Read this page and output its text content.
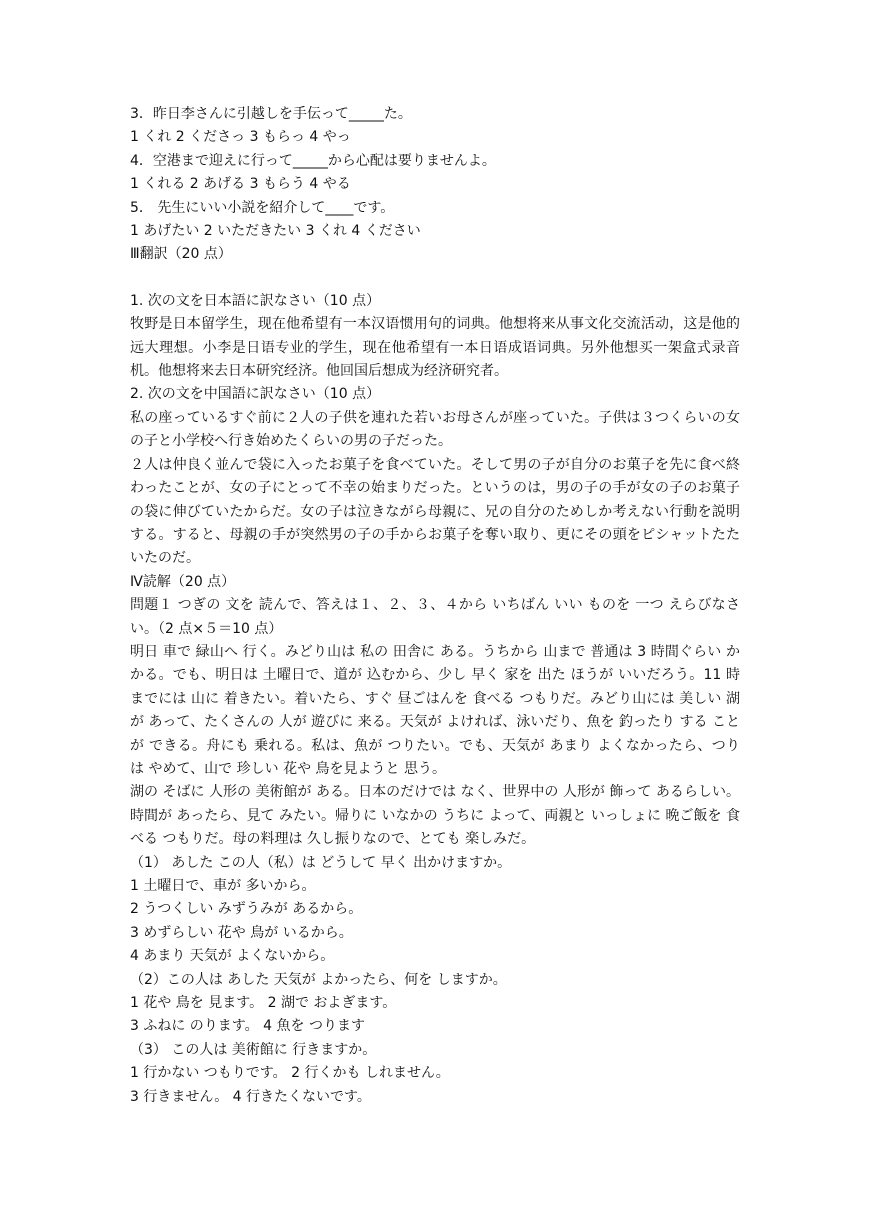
3．昨日李さんに引越しを手伝って_____た。

1 くれ 2 くださっ 3 もらっ 4 やっ

4．空港まで迎えに行って_____から心配は要りませんよ。

1 くれる 2 あげる 3 もらう 4 やる

5． 先生にいい小説を紹介して____です。

1 あげたい 2 いただきたい 3 くれ 4 ください

Ⅲ翻訳（20 点）

1. 次の文を日本語に訳なさい（10 点）

牧野是日本留学生，现在他希望有一本汉语惯用句的词典。他想将来从事文化交流活动，这是他的远大理想。小李是日语专业的学生，现在他希望有一本日语成语词典。另外他想买一架盒式录音机。他想将来去日本研究经济。他回国后想成为经济研究者。

2. 次の文を中国語に訳なさい（10 点）

私の座っているすぐ前に２人の子供を連れた若いお母さんが座っていた。子供は３つくらいの女の子と小学校へ行き始めたくらいの男の子だった。

２人は仲良く並んで袋に入ったお菓子を食べていた。そして男の子が自分のお菓子を先に食べ終わったことが、女の子にとって不幸の始まりだった。というのは，男の子の手が女の子のお菓子の袋に伸びていたからだ。女の子は泣きながら母親に、兄の自分のためしか考えない行動を説明する。すると、母親の手が突然男の子の手からお菓子を奪い取り、更にその頭をピシャットたたいたのだ。

Ⅳ読解（20 点）

問題１ つぎの 文を 読んで、答えは１、２、３、４から いちばん いい ものを 一つ えらびなさい。（2 点×５＝10 点）

明日 車で 緑山へ 行く。みどり山は 私の 田舎に ある。うちから 山まで 普通は 3 時間ぐらい かかる。でも、明日は 土曜日で、道が 込むから、少し 早く 家を 出た ほうが いいだろう。11 時までには 山に 着きたい。着いたら、すぐ 昼ごはんを 食べる つもりだ。みどり山には 美しい 湖が あって、たくさんの 人が 遊びに 来る。天気が よければ、泳いだり、魚を 釣ったり する ことが できる。舟にも 乗れる。私は、魚が つりたい。でも、天気が あまり よくなかったら、つりは やめて、山で 珍しい 花や 鳥を見ようと 思う。

湖の そばに 人形の 美術館が ある。日本のだけでは なく、世界中の 人形が 飾って あるらしい。時間が あったら、見て みたい。帰りに いなかの うちに よって、両親と いっしょに 晩ご飯を 食べる つもりだ。母の料理は 久し振りなので、とても 楽しみだ。

（1） あした この人（私）は どうして 早く 出かけますか。

1 土曜日で、車が 多いから。

2 うつくしい みずうみが あるから。

3 めずらしい 花や 鳥が いるから。

4 あまり 天気が よくないから。

（2）この人は あした 天気が よかったら、何を しますか。

1 花や 鳥を 見ます。 2 湖で およぎます。

3 ふねに のります。 4 魚を つります

（3） この人は 美術館に 行きますか。

1 行かない つもりです。 2 行くかも しれません。

3 行きません。 4 行きたくないです。
